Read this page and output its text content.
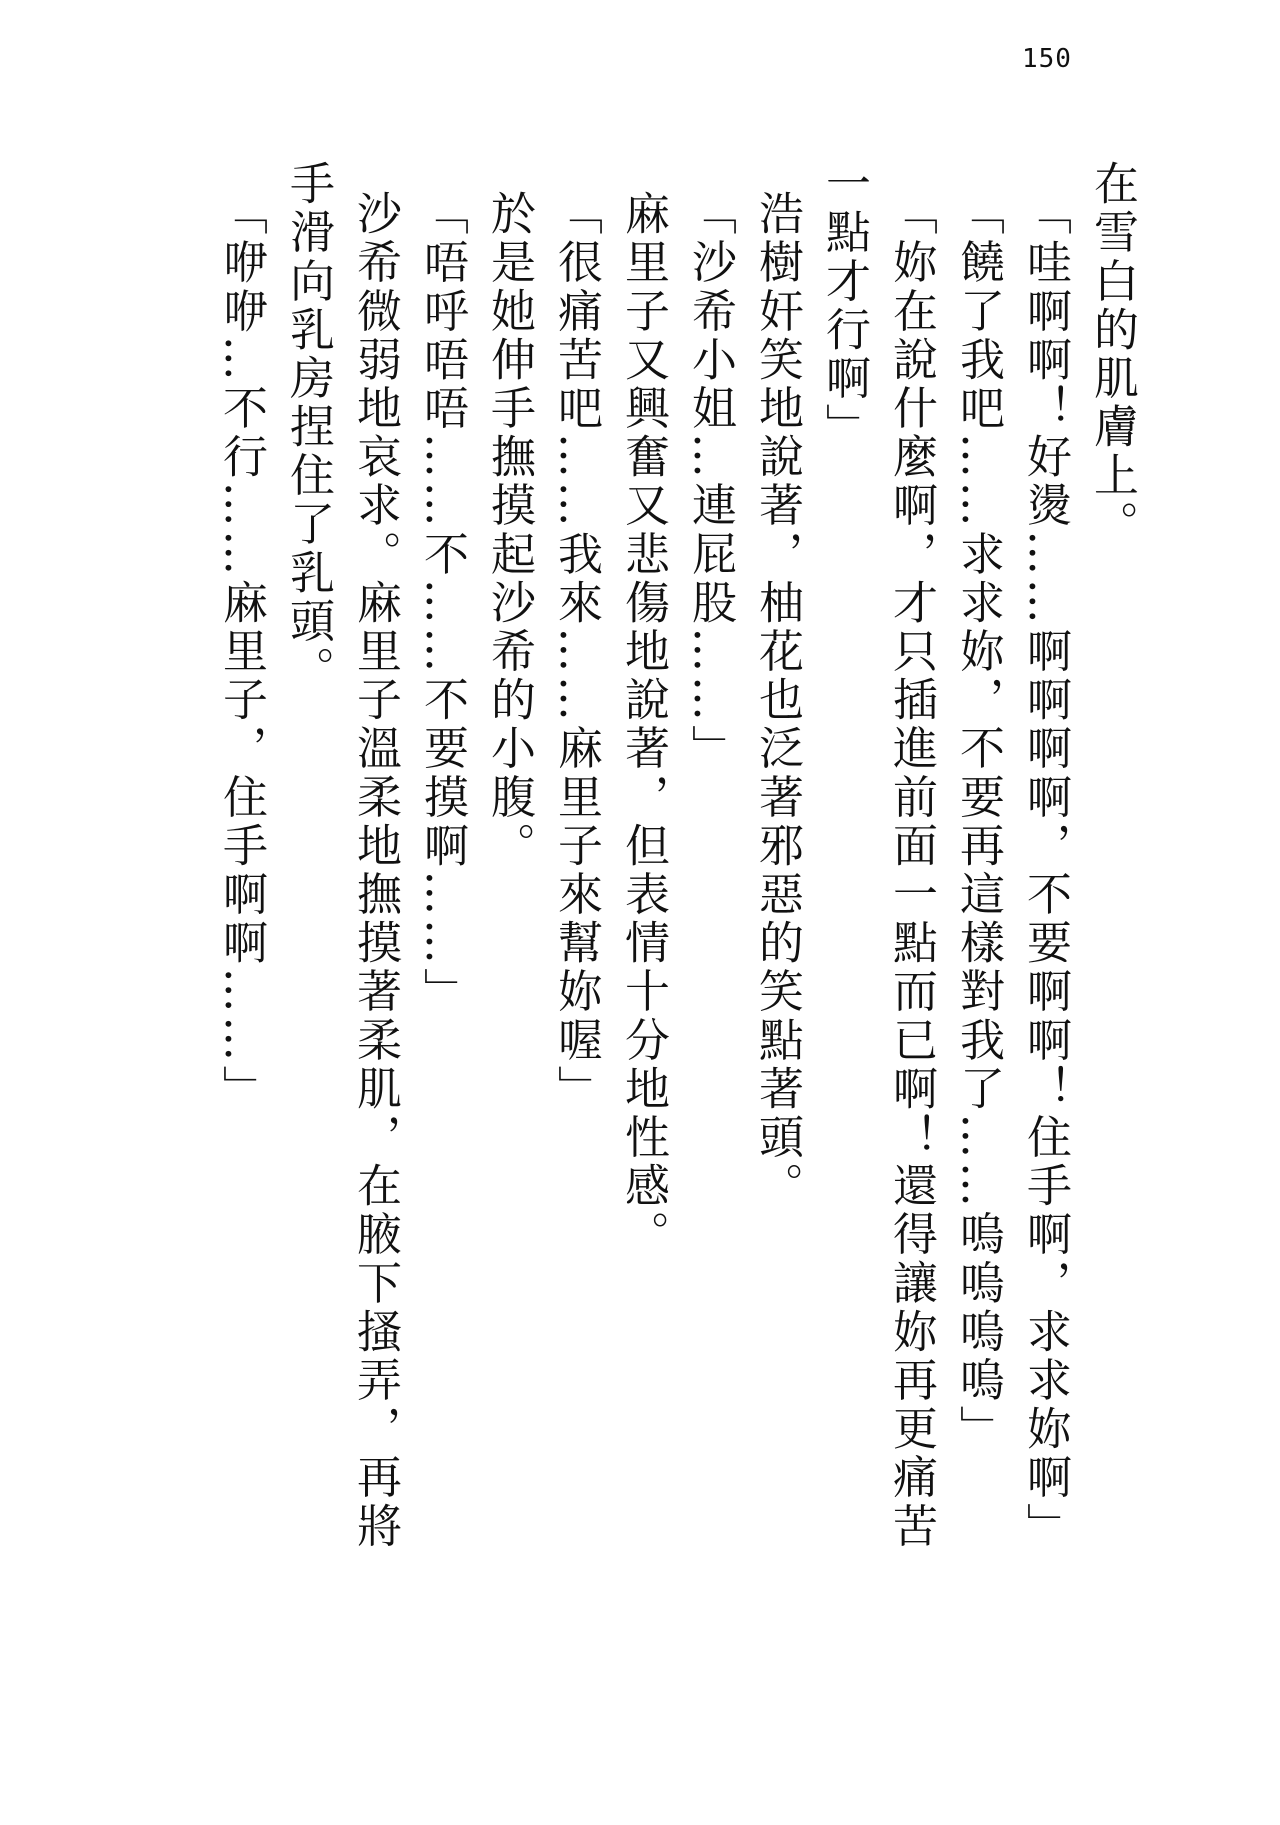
150
在雪白的肌膚上。
「哇啊啊！好燙……啊啊啊啊，不要啊啊！住手啊，求求妳啊」
「饒了我吧……求求妳，不要再這樣對我了……嗚嗚嗚嗚」
「妳在說什麼啊，才只插進前面一點而已啊！還得讓妳再更痛苦
一點才行啊」
浩樹奸笑地說著，柚花也泛著邪惡的笑點著頭。
「沙希小姐…連屁股……」
麻里子又興奮又悲傷地說著，但表情十分地性感。
「很痛苦吧……我來……麻里子來幫妳喔」
於是她伸手撫摸起沙希的小腹。
「唔呼唔唔……不……不要摸啊……」
沙希微弱地哀求。麻里子溫柔地撫摸著柔肌，在腋下搔弄，再將
手滑向乳房捏住了乳頭。
「咿咿…不行……麻里子，住手啊啊……」
